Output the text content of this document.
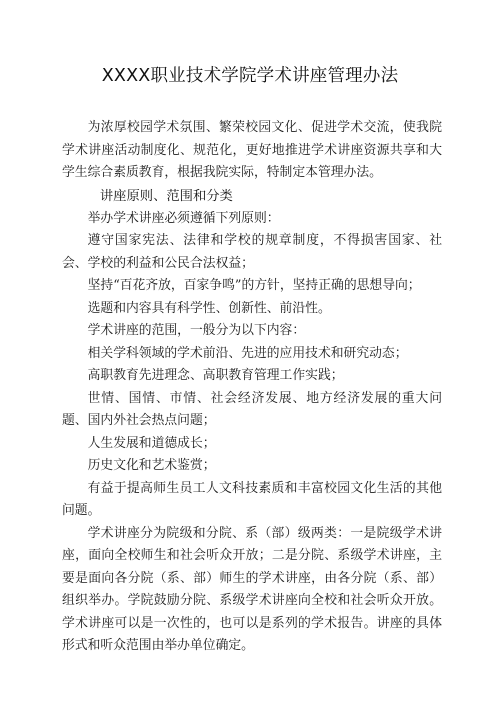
XXXX职业技术学院学术讲座管理办法

为浓厚校园学术氛围、繁荣校园文化、促进学术交流，使我院学术讲座活动制度化、规范化，更好地推进学术讲座资源共享和大学生综合素质教育，根据我院实际，特制定本管理办法。

讲座原则、范围和分类

举办学术讲座必须遵循下列原则：

遵守国家宪法、法律和学校的规章制度，不得损害国家、社会、学校的利益和公民合法权益；

坚持“百花齐放，百家争鸣”的方针，坚持正确的思想导向；

选题和内容具有科学性、创新性、前沿性。

学术讲座的范围，一般分为以下内容：

相关学科领域的学术前沿、先进的应用技术和研究动态；

高职教育先进理念、高职教育管理工作实践；

世情、国情、市情、社会经济发展、地方经济发展的重大问题、国内外社会热点问题；

人生发展和道德成长；

历史文化和艺术鉴赏；

有益于提高师生员工人文科技素质和丰富校园文化生活的其他问题。

学术讲座分为院级和分院、系（部）级两类：一是院级学术讲座，面向全校师生和社会听众开放；二是分院、系级学术讲座，主要是面向各分院（系、部）师生的学术讲座，由各分院（系、部）组织举办。学院鼓励分院、系级学术讲座向全校和社会听众开放。学术讲座可以是一次性的，也可以是系列的学术报告。讲座的具体形式和听众范围由举办单位确定。
